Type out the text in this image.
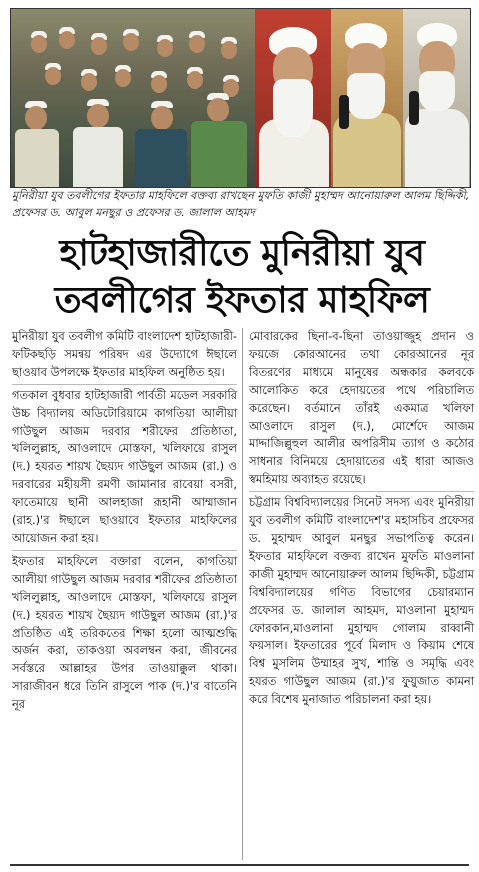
মুনিরীয়া যুব তবলীগের ইফতার মাহফিলে বক্তব্য রাখছেন মুফতি কাজী মুহাম্মদ আনোয়ারুল আলম ছিদ্দিকী, প্রফেসর ড. আবুল মনছুর ও প্রফেসর ড. জালাল আহমদ
হাটহাজারীতে মুনিরীয়া যুব তবলীগের ইফতার মাহফিল

মুনিরীয়া যুব তবলীগ কমিটি বাংলাদেশ হাটহাজারী-ফটিকছড়ি সমন্বয় পরিষদ এর উদ্যোগে ঈছালে ছাওয়াব উপলক্ষে ইফতার মাহফিল অনুষ্ঠিত হয়।

গতকাল বুধবার হাটহাজারী পার্বতী মডেল সরকারি উচ্চ বিদ্যালয় অডিটোরিয়ামে কাগতিয়া আলীয়া গাউছুল আজম দরবার শরীফের প্রতিষ্ঠাতা, খলিলুল্লাহ, আওলাদে মোস্তফা, খলিফায়ে রাসুল (দ.) হযরত শায়খ ছৈয়্যদ গাউছুল আজম (রা.) ও দরবারের মহীয়সী রমণী জামানার রাবেয়া বসরী, ফাতেমায়ে ছানী আলহাজা রূহানী আম্মাজান (রাহ.)'র ঈছালে ছাওয়াবে ইফতার মাহফিলের আয়োজন করা হয়।

ইফতার মাহফিলে বক্তারা বলেন, কাগতিয়া আলীয়া গাউছুল আজম দরবার শরীফের প্রতিষ্ঠাতা খলিলুল্লাহ, আওলাদে মোস্তফা, খলিফায়ে রাসুল (দ.) হযরত শায়খ ছৈয়্যদ গাউছুল আজম (রা.)'র প্রতিষ্ঠিত এই তরিকতের শিক্ষা হলো আত্মশুদ্ধি অর্জন করা, তাকওয়া অবলম্বন করা, জীবনের সর্বস্তরে আল্লাহর উপর তাওয়াক্কুল থাকা। সারাজীবন ধরে তিনি রাসুলে পাক (দ.)'র বাতেনি নূর

মোবারকের ছিনা-ব-ছিনা তাওয়াজ্জুহ প্রদান ও ফয়জে কোরআনের তথা কোরআনের নূর বিতরণের মাধ্যমে মানুষের অন্ধকার কলবকে আলোকিত করে হেদায়তের পথে পরিচালিত করেছেন। বর্তমানে তাঁরই একমাত্র খলিফা আওলাদে রাসুল (দ.), মোর্শেদে আজম মাদ্দাজিল্লুহুল আলীর অপরিসীম ত্যাগ ও কঠোর সাধনার বিনিময়ে হেদায়াতের এই ধারা আজও স্বমহিমায় অব্যাহত রয়েছে।

চট্টগ্রাম বিশ্ববিদ্যালয়ের সিনেট সদস্য এবং মুনিরীয়া যুব তবলীগ কমিটি বাংলাদেশ'র মহাসচিব প্রফেসর ড. মুহাম্মদ আবুল মনছুর সভাপতিত্ব করেন। ইফতার মাহফিলে বক্তব্য রাখেন মুফতি মাওলানা কাজী মুহাম্মদ আনোয়ারুল আলম ছিদ্দিকী, চট্টগ্রাম বিশ্ববিদ্যালয়ের গণিত বিভাগের চেয়ারম্যান প্রফেসর ড. জালাল আহমদ, মাওলানা মুহাম্মদ ফোরকান,মাওলানা মুহাম্মদ গোলাম রাব্বানী ফয়সাল। ইফতারের পূর্বে মিলাদ ও কিয়াম শেষে বিশ্ব মুসলিম উম্মাহর সুখ, শান্তি ও সমৃদ্ধি এবং হযরত গাউছুল আজম (রা.)'র ফুয়ুজাত কামনা করে বিশেষ মুনাজাত পরিচালনা করা হয়।
